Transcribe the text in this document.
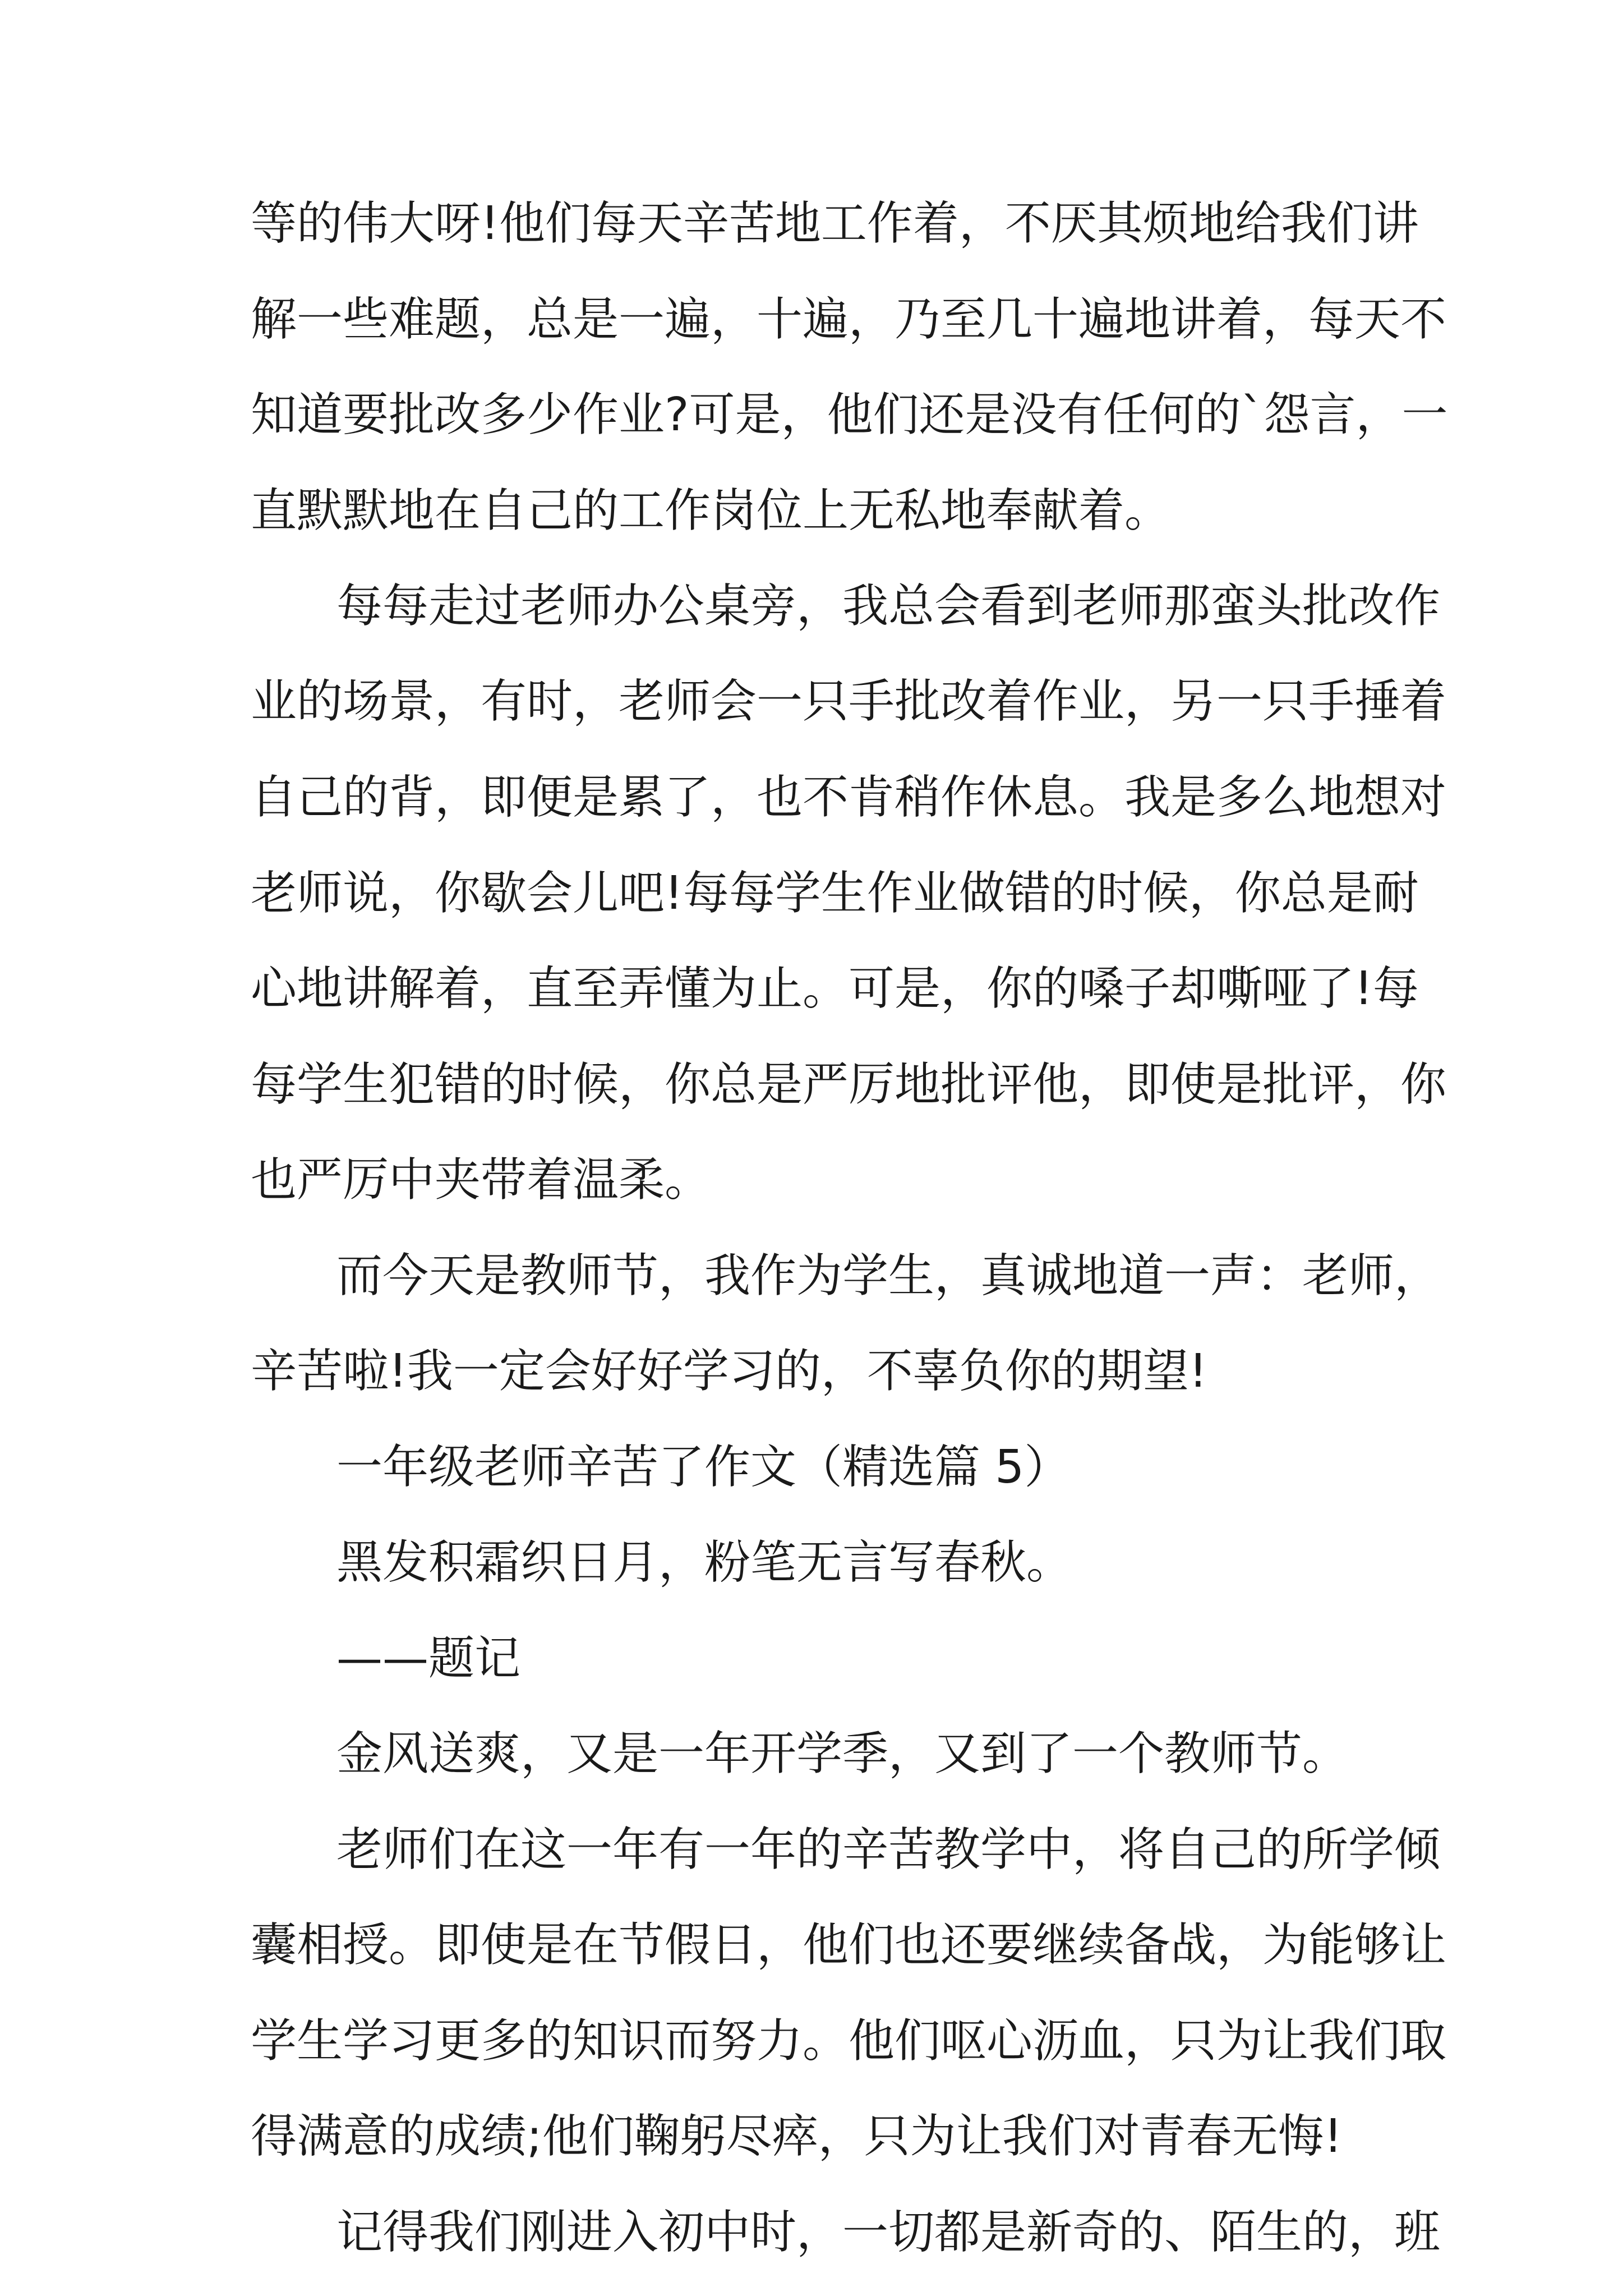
等的伟大呀!他们每天辛苦地工作着，不厌其烦地给我们讲
解一些难题，总是一遍，十遍，乃至几十遍地讲着，每天不
知道要批改多少作业?可是，他们还是没有任何的`怨言，一
直默默地在自己的工作岗位上无私地奉献着。
每每走过老师办公桌旁，我总会看到老师那蛮头批改作
业的场景，有时，老师会一只手批改着作业，另一只手捶着
自己的背，即便是累了，也不肯稍作休息。我是多么地想对
老师说，你歇会儿吧!每每学生作业做错的时候，你总是耐
心地讲解着，直至弄懂为止。可是，你的嗓子却嘶哑了!每
每学生犯错的时候，你总是严厉地批评他，即使是批评，你
也严厉中夹带着温柔。
而今天是教师节，我作为学生，真诚地道一声：老师，
辛苦啦!我一定会好好学习的，不辜负你的期望!
一年级老师辛苦了作文（精选篇 5）
黑发积霜织日月，粉笔无言写春秋。
——题记
金风送爽，又是一年开学季，又到了一个教师节。
老师们在这一年有一年的辛苦教学中，将自己的所学倾
囊相授。即使是在节假日，他们也还要继续备战，为能够让
学生学习更多的知识而努力。他们呕心沥血，只为让我们取
得满意的成绩;他们鞠躬尽瘁，只为让我们对青春无悔!
记得我们刚进入初中时，一切都是新奇的、陌生的，班
